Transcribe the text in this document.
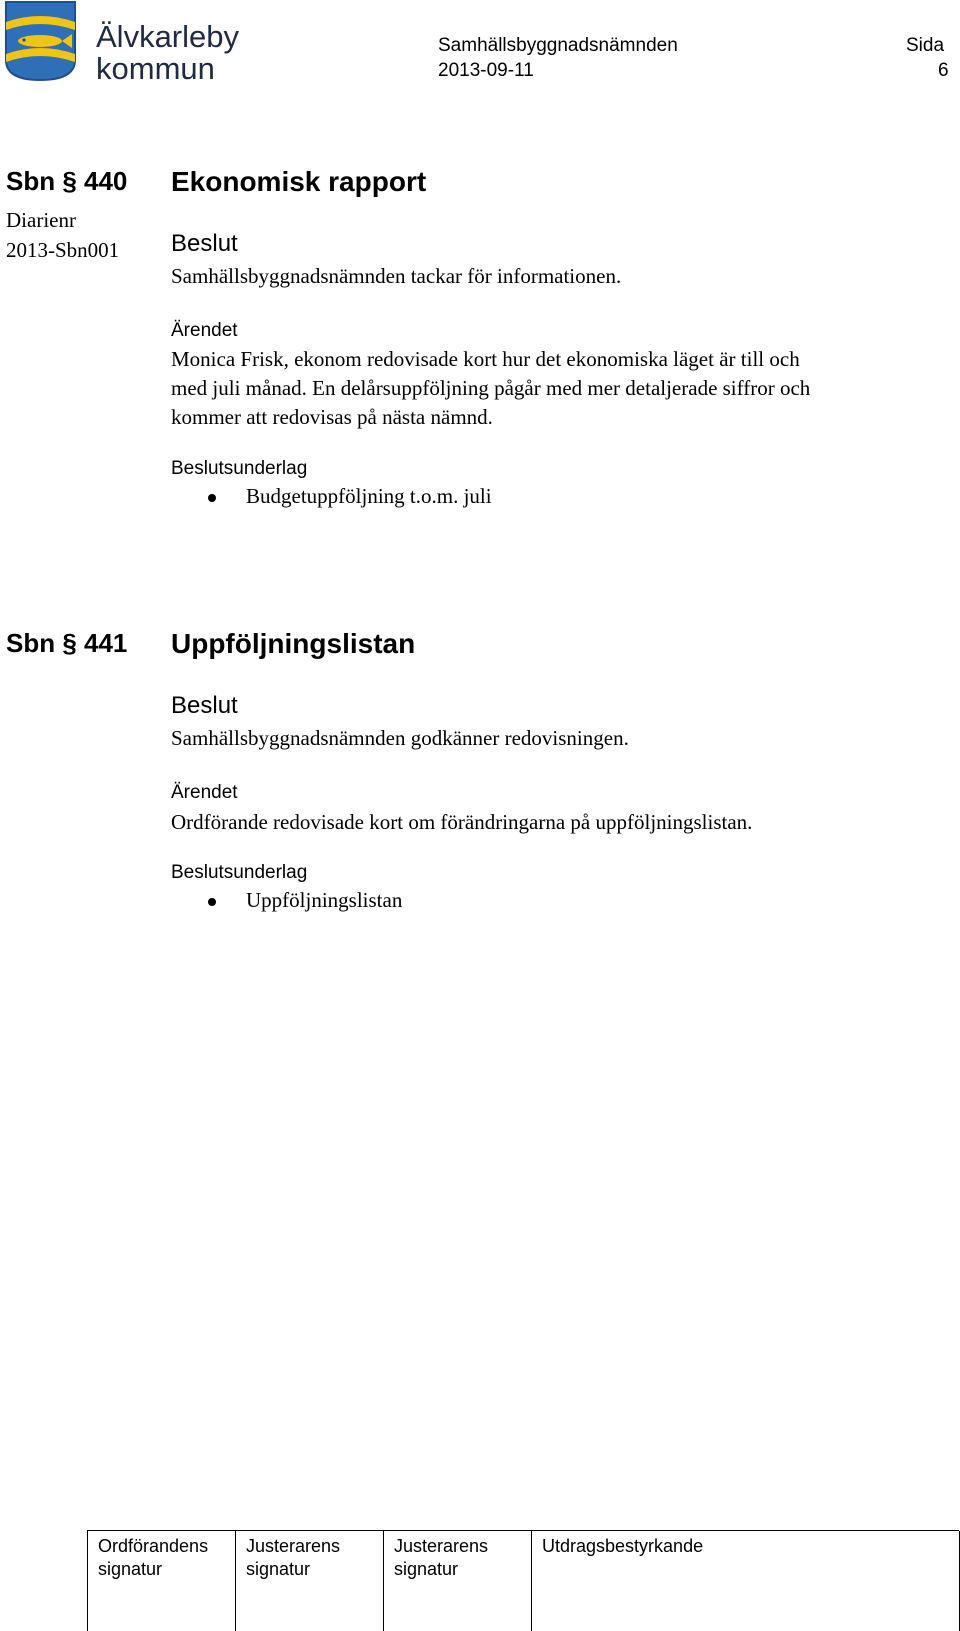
Älvkarleby
kommun
Samhällsbyggnadsnämnden
2013-09-11
Sida
6
Sbn § 440
Diarienr
2013-Sbn001
Ekonomisk rapport
Beslut
Samhällsbyggnadsnämnden tackar för informationen.
Ärendet
Monica Frisk, ekonom redovisade kort hur det ekonomiska läget är till och
med juli månad. En delårsuppföljning pågår med mer detaljerade siffror och
kommer att redovisas på nästa nämnd.
Beslutsunderlag
Budgetuppföljning t.o.m. juli
Sbn § 441 Uppföljningslistan
Beslut
Samhällsbyggnadsnämnden godkänner redovisningen.
Ärendet
Ordförande redovisade kort om förändringarna på uppföljningslistan.
Beslutsunderlag
Uppföljningslistan
Ordförandens
signatur
Justerarens
signatur
Justerarens
signatur
Utdragsbestyrkande
